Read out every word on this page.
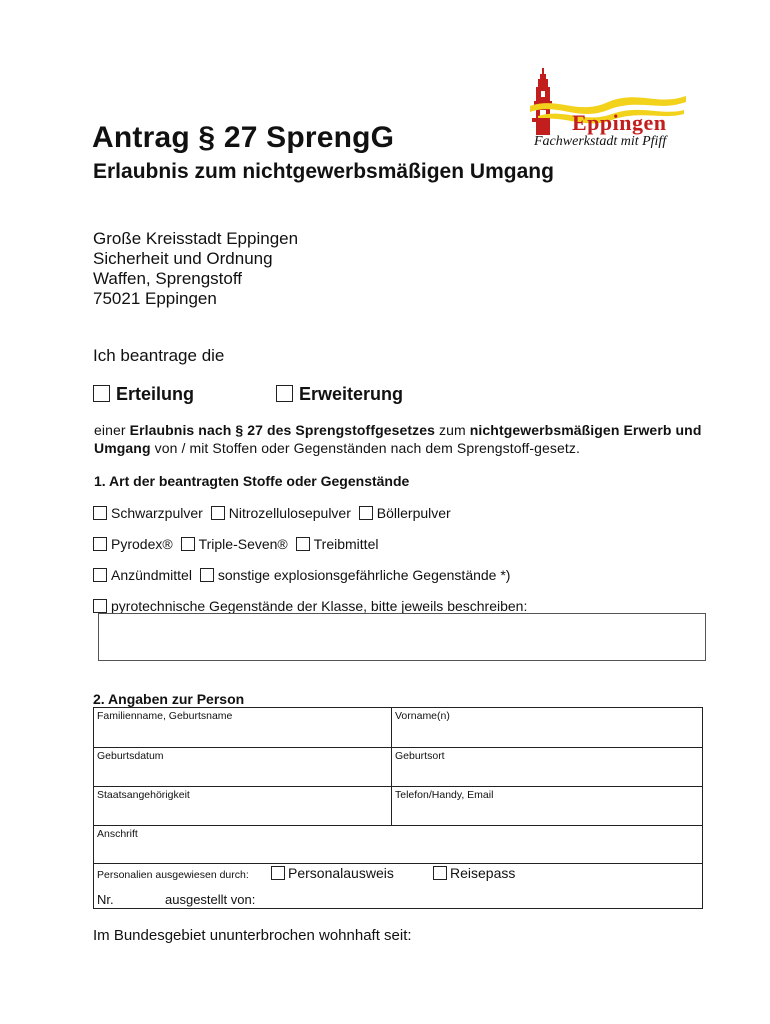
Eppingen
Fachwerkstadt mit Pfiff
Antrag § 27 SprengG
Erlaubnis zum nichtgewerbsmäßigen Umgang
Große Kreisstadt Eppingen
Sicherheit und Ordnung
Waffen, Sprengstoff
75021 Eppingen
Ich beantrage die
Erteilung	Erweiterung
einer Erlaubnis nach § 27 des Sprengstoffgesetzes zum nichtgewerbsmäßigen Erwerb und Umgang von / mit Stoffen oder Gegenständen nach dem Sprengstoff-gesetz.
1. Art der beantragten Stoffe oder Gegenstände
Schwarzpulver Nitrozellulosepulver Böllerpulver
Pyrodex® Triple-Seven® Treibmittel
Anzündmittel sonstige explosionsgefährliche Gegenstände *)
pyrotechnische Gegenstände der Klasse, bitte jeweils beschreiben:
2. Angaben zur Person
Familienname, Geburtsname	Vorname(n)
Geburtsdatum	Geburtsort
Staatsangehörigkeit	Telefon/Handy, Email
Anschrift
Personalien ausgewiesen durch:	Personalausweis	Reisepass
Nr.	ausgestellt von:
Im Bundesgebiet ununterbrochen wohnhaft seit:
